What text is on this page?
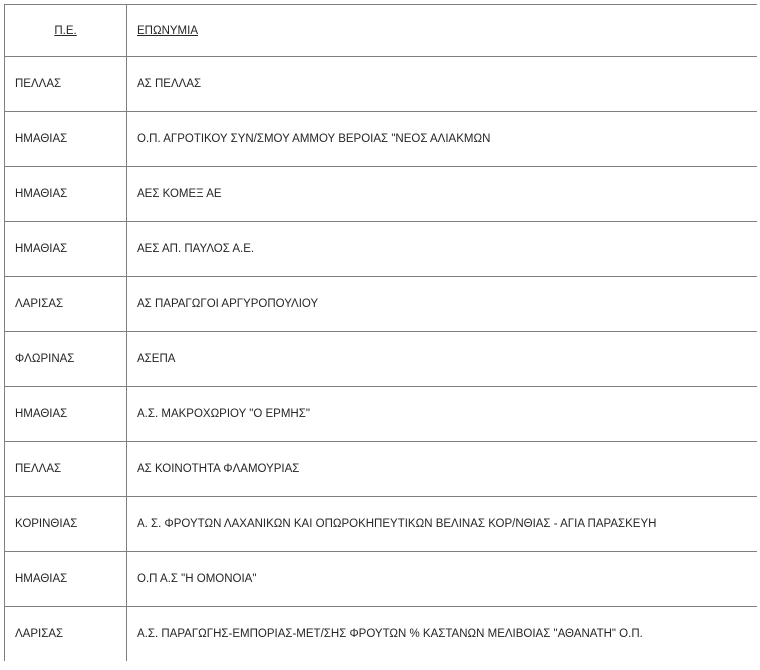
Π.Ε.	ΕΠΩΝΥΜΙΑ
ΠΕΛΛΑΣ	ΑΣ ΠΕΛΛΑΣ
ΗΜΑΘΙΑΣ	Ο.Π. ΑΓΡΟΤΙΚΟΥ ΣΥΝ/ΣΜΟΥ ΑΜΜΟΥ ΒΕΡΟΙΑΣ "ΝΕΟΣ ΑΛΙΑΚΜΩΝ
ΗΜΑΘΙΑΣ	ΑΕΣ ΚΟΜΕΞ ΑΕ
ΗΜΑΘΙΑΣ	ΑΕΣ ΑΠ. ΠΑΥΛΟΣ Α.Ε.
ΛΑΡΙΣΑΣ	ΑΣ ΠΑΡΑΓΩΓΟΙ ΑΡΓΥΡΟΠΟΥΛΙΟΥ
ΦΛΩΡΙΝΑΣ	ΑΣΕΠΑ
ΗΜΑΘΙΑΣ	Α.Σ. ΜΑΚΡΟΧΩΡΙΟΥ "Ο ΕΡΜΗΣ"
ΠΕΛΛΑΣ	ΑΣ ΚΟΙΝΟΤΗΤΑ ΦΛΑΜΟΥΡΙΑΣ
ΚΟΡΙΝΘΙΑΣ	Α. Σ. ΦΡΟΥΤΩΝ ΛΑΧΑΝΙΚΩΝ ΚΑΙ ΟΠΩΡΟΚΗΠΕΥΤΙΚΩΝ ΒΕΛΙΝΑΣ ΚΟΡ/ΝΘΙΑΣ - ΑΓΙΑ ΠΑΡΑΣΚΕΥΗ
ΗΜΑΘΙΑΣ	Ο.Π Α.Σ "Η ΟΜΟΝΟΙΑ"
ΛΑΡΙΣΑΣ	Α.Σ. ΠΑΡΑΓΩΓΗΣ-ΕΜΠΟΡΙΑΣ-ΜΕΤ/ΣΗΣ ΦΡΟΥΤΩΝ % ΚΑΣΤΑΝΩΝ ΜΕΛΙΒΟΙΑΣ "ΑΘΑΝΑΤΗ" Ο.Π.
